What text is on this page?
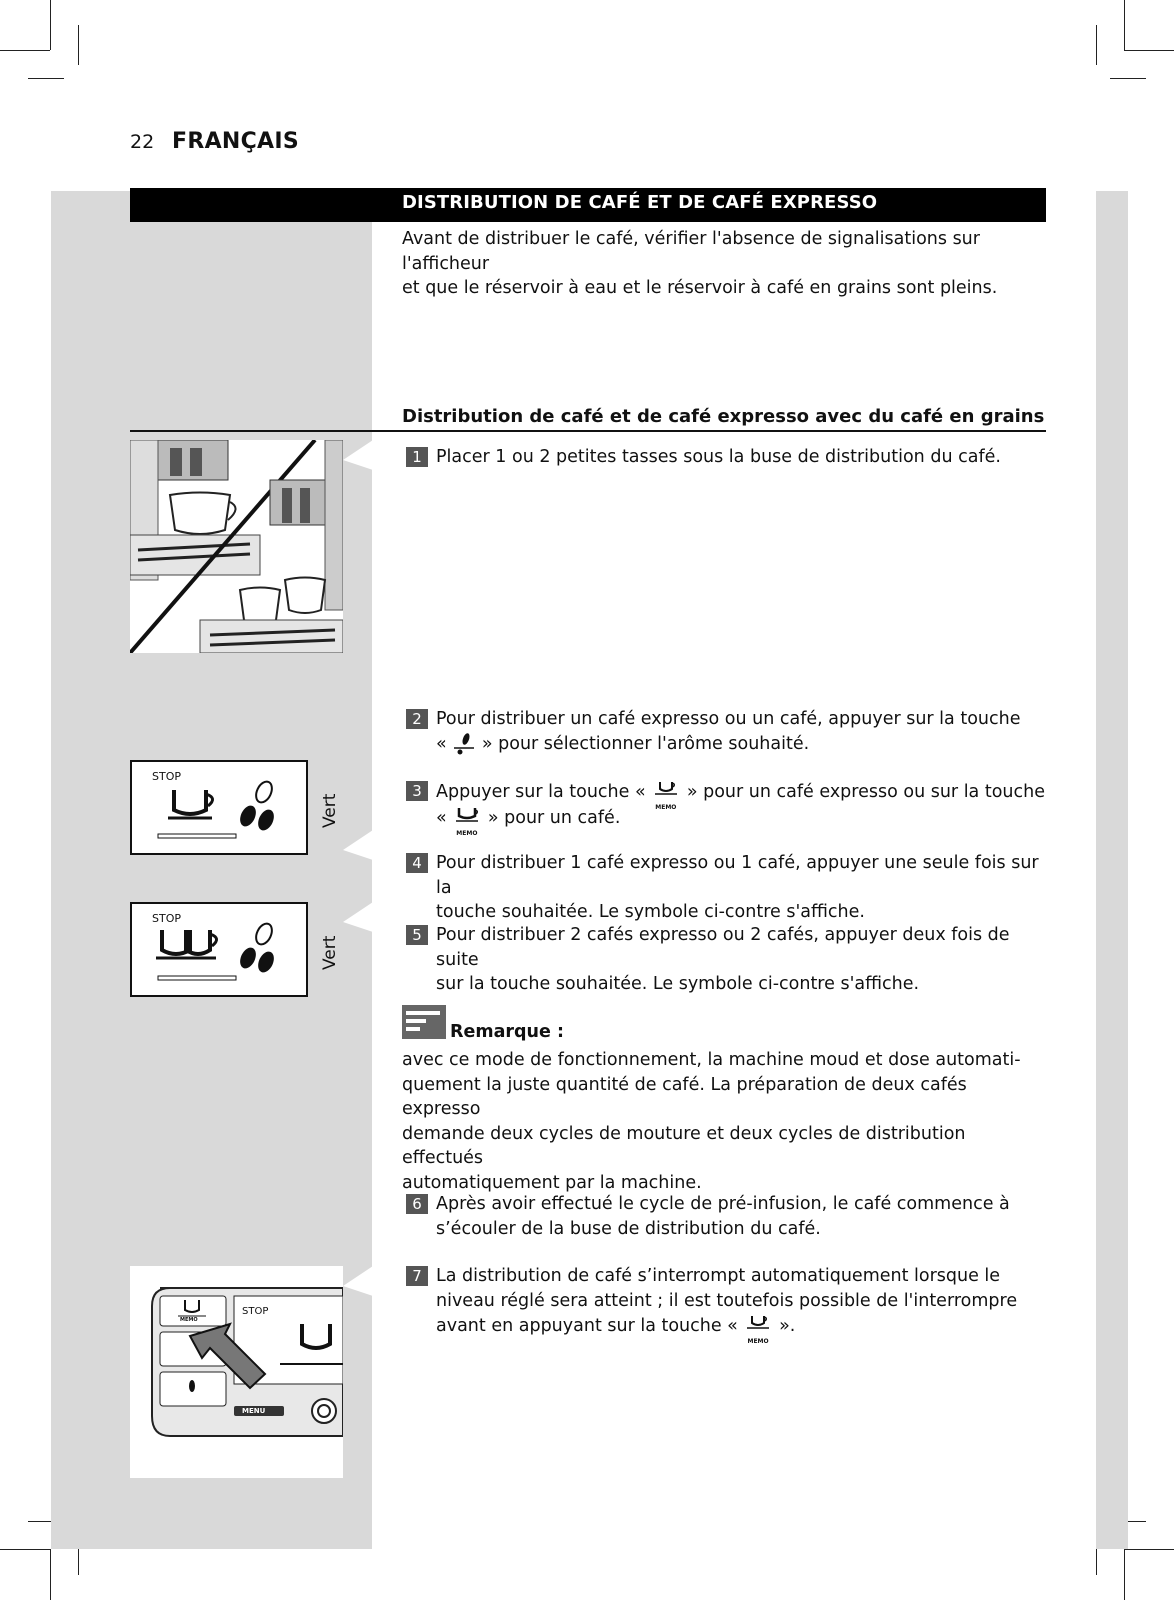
22 FRANÇAIS
DISTRIBUTION DE CAFÉ ET DE CAFÉ EXPRESSO
Avant de distribuer le café, vérifier l'absence de signalisations sur l'afficheur
et que le réservoir à eau et le réservoir à café en grains sont pleins.
Distribution de café et de café expresso avec du café en grains
1 Placer 1 ou 2 petites tasses sous la buse de distribution du café.
2 Pour distribuer un café expresso ou un café, appuyer sur la touche
« » pour sélectionner l'arôme souhaité.
3 Appuyer sur la touche «
MEMO
» pour un café expresso ou sur la touche
«
MEMO
» pour un café.
4 Pour distribuer 1 café expresso ou 1 café, appuyer une seule fois sur la
touche souhaitée. Le symbole ci-contre s'affiche.
5 Pour distribuer 2 cafés expresso ou 2 cafés, appuyer deux fois de suite
sur la touche souhaitée. Le symbole ci-contre s'affiche.
STOP
Vert
STOP
Vert
Remarque :
avec ce mode de fonctionnement, la machine moud et dose automati-
quement la juste quantité de café. La préparation de deux cafés expresso
demande deux cycles de mouture et deux cycles de distribution effectués
automatiquement par la machine.
6 Après avoir effectué le cycle de pré-infusion, le café commence à
s’écouler de la buse de distribution du café.
7 La distribution de café s’interrompt automatiquement lorsque le
niveau réglé sera atteint ; il est toutefois possible de l'interrompre
avant en appuyant sur la touche «
MEMO
».
STOP
MEMO
MENU
